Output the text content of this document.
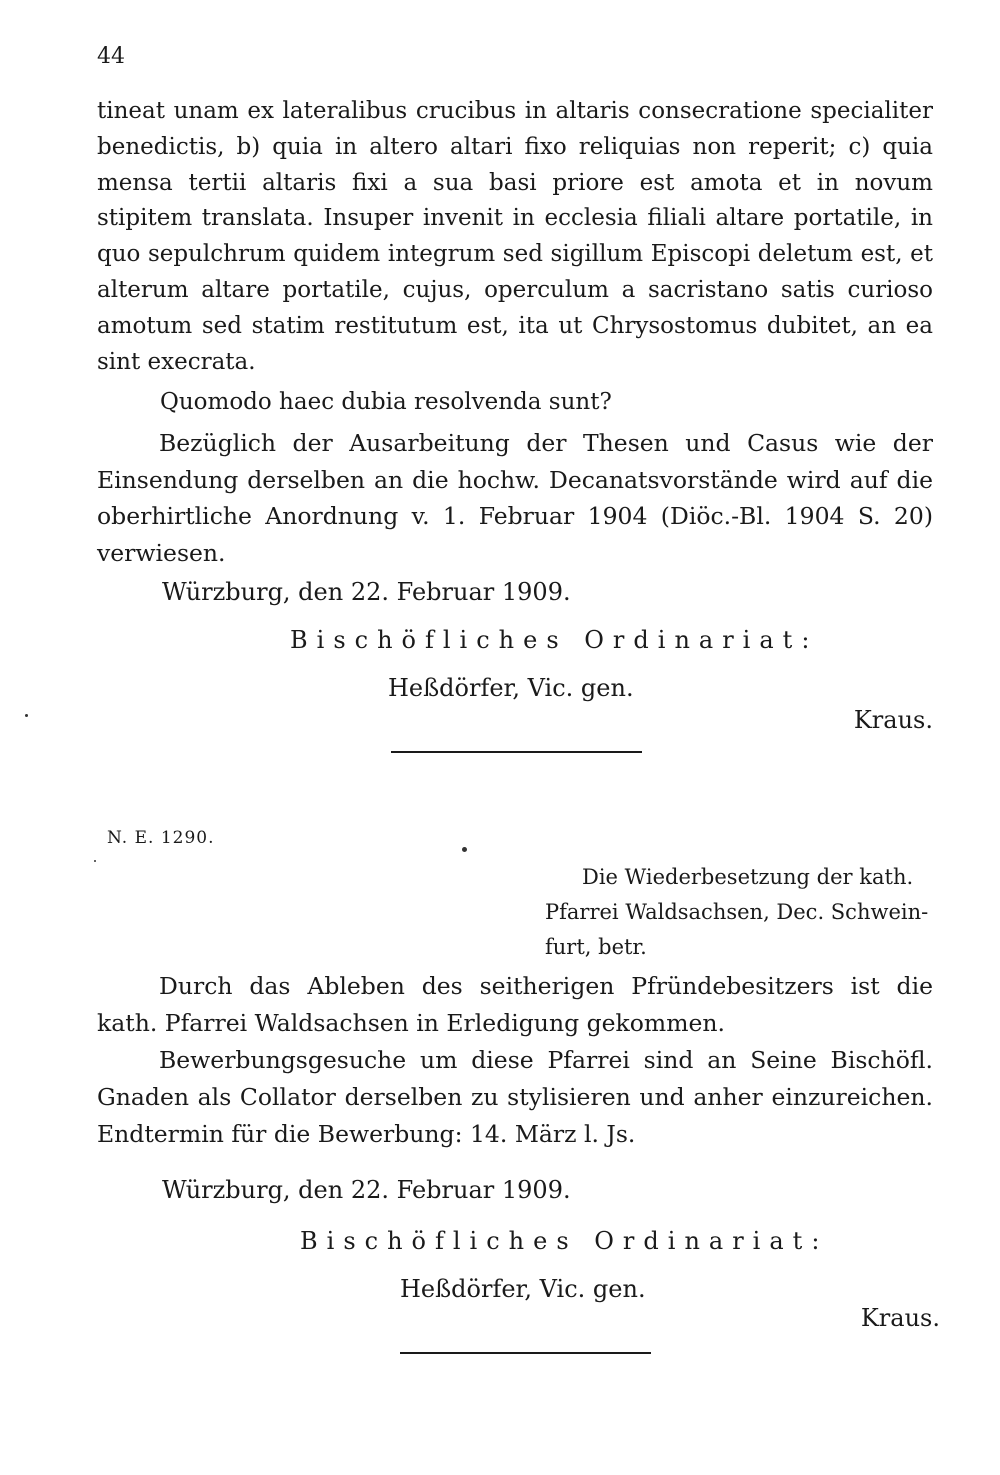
44

tineat unam ex lateralibus crucibus in altaris consecratione specialiter benedictis, b) quia in altero altari fixo reliquias non reperit; c) quia mensa tertii altaris fixi a sua basi priore est amota et in novum stipitem translata. Insuper invenit in ecclesia filiali altare portatile, in quo sepulchrum quidem integrum sed sigillum Episcopi deletum est, et alterum altare portatile, cujus, operculum a sacristano satis curioso amotum sed statim restitutum est, ita ut Chrysostomus dubitet, an ea sint execrata.

Quomodo haec dubia resolvenda sunt?

Bezüglich der Ausarbeitung der Thesen und Casus wie der Einsendung derselben an die hochw. Decanatsvorstände wird auf die oberhirtliche Anordnung v. 1. Februar 1904 (Diöc.-Bl. 1904 S. 20) verwiesen.

Würzburg, den 22. Februar 1909.
Bischöfliches Ordinariat:
Heßdörfer, Vic. gen.
Kraus.
N. E. 1290.
Die Wiederbesetzung der kath.
Pfarrei Waldsachsen, Dec. Schwein-
furt, betr.

Durch das Ableben des seitherigen Pfründebesitzers ist die kath. Pfarrei Waldsachsen in Erledigung gekommen.

Bewerbungsgesuche um diese Pfarrei sind an Seine Bischöfl. Gnaden als Collator derselben zu stylisieren und anher einzureichen. Endtermin für die Bewerbung: 14. März l. Js.

Würzburg, den 22. Februar 1909.
Bischöfliches Ordinariat:
Heßdörfer, Vic. gen.
Kraus.
